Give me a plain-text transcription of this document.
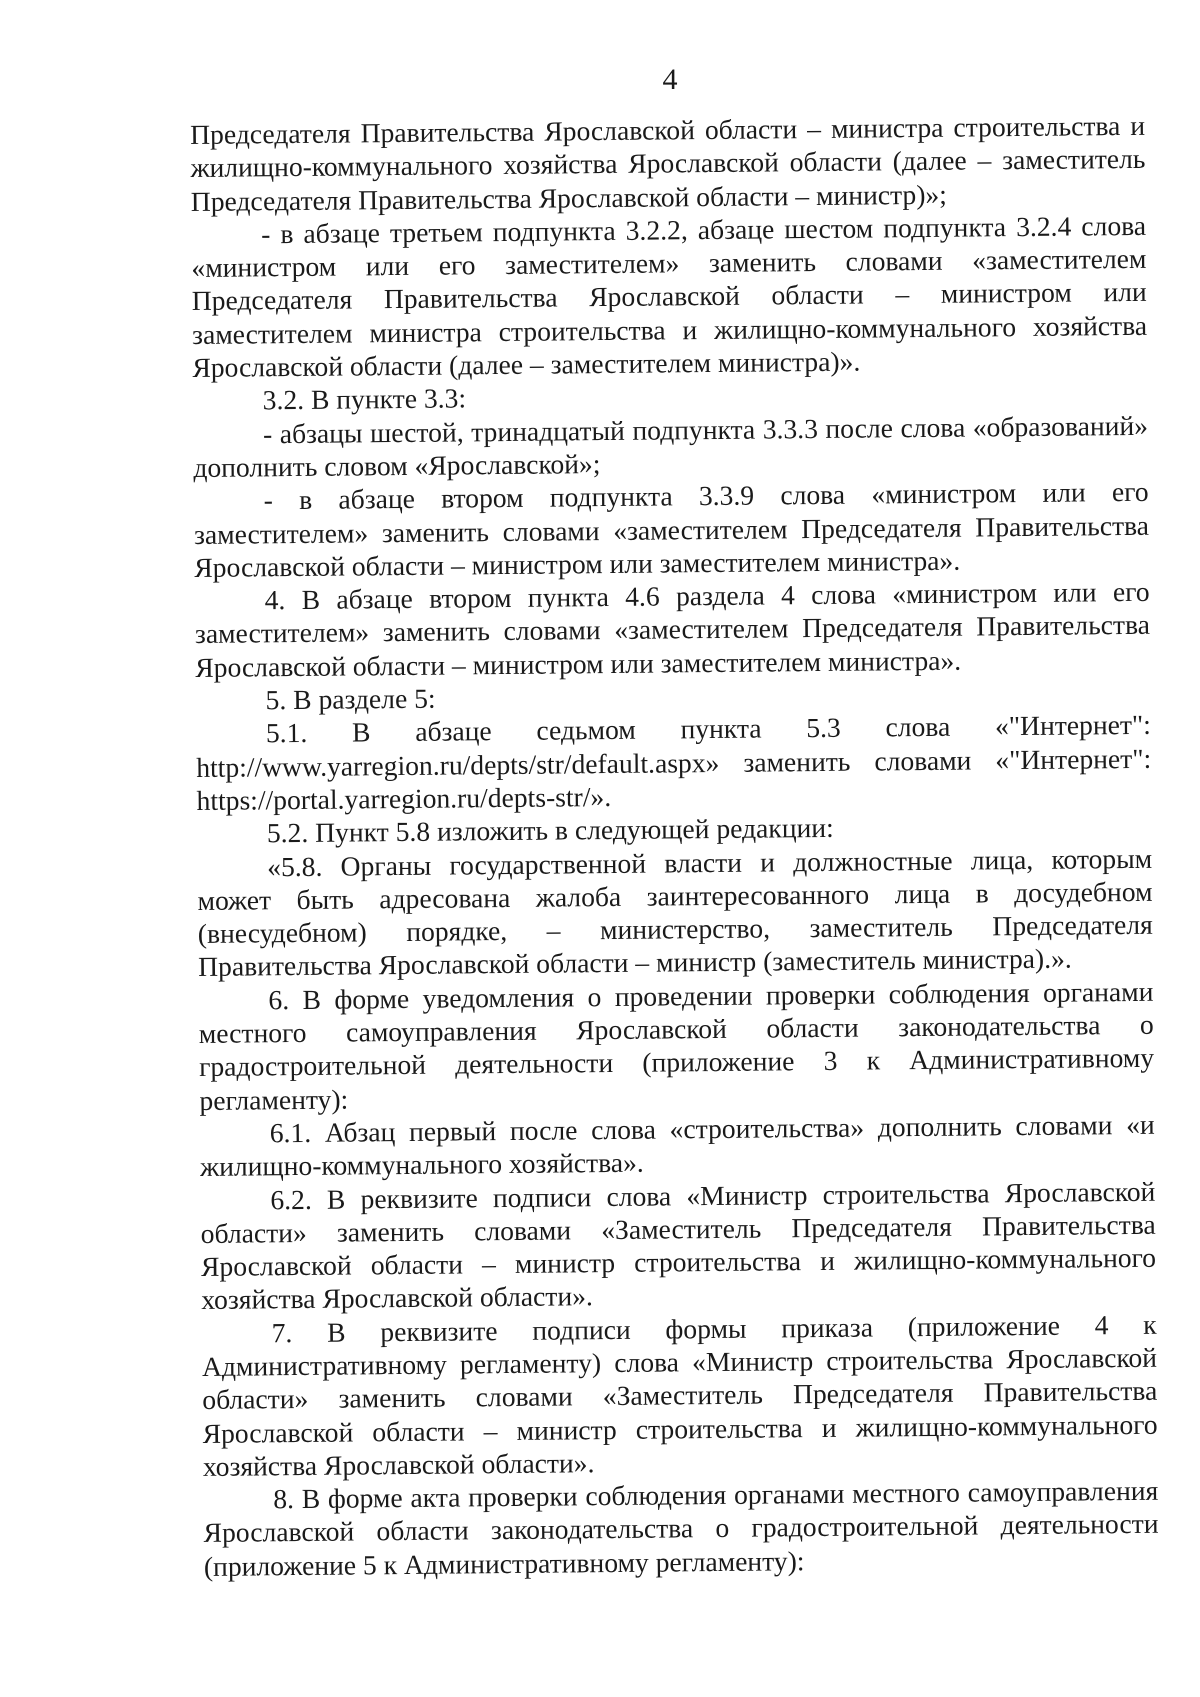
4

Председателя Правительства Ярославской области – министра строительства и жилищно-коммунального хозяйства Ярославской области (далее – заместитель Председателя Правительства Ярославской области – министр)»;

- в абзаце третьем подпункта 3.2.2, абзаце шестом подпункта 3.2.4 слова «министром или его заместителем» заменить словами «заместителем Председателя Правительства Ярославской области – министром или заместителем министра строительства и жилищно-коммунального хозяйства Ярославской области (далее – заместителем министра)».

3.2. В пункте 3.3:

- абзацы шестой, тринадцатый подпункта 3.3.3 после слова «образований» дополнить словом «Ярославской»;

- в абзаце втором подпункта 3.3.9 слова «министром или его заместителем» заменить словами «заместителем Председателя Правительства Ярославской области – министром или заместителем министра».

4. В абзаце втором пункта 4.6 раздела 4 слова «министром или его заместителем» заменить словами «заместителем Председателя Правительства Ярославской области – министром или заместителем министра».

5. В разделе 5:

5.1. В абзаце седьмом пункта 5.3 слова «"Интернет": http://www.yarregion.ru/depts/str/default.aspx» заменить словами «"Интернет": https://portal.yarregion.ru/depts-str/».

5.2. Пункт 5.8 изложить в следующей редакции:

«5.8. Органы государственной власти и должностные лица, которым может быть адресована жалоба заинтересованного лица в досудебном (внесудебном) порядке, – министерство, заместитель Председателя Правительства Ярославской области – министр (заместитель министра).».

6. В форме уведомления о проведении проверки соблюдения органами местного самоуправления Ярославской области законодательства о градостроительной деятельности (приложение 3 к Административному регламенту):

6.1. Абзац первый после слова «строительства» дополнить словами «и жилищно-коммунального хозяйства».

6.2. В реквизите подписи слова «Министр строительства Ярославской области» заменить словами «Заместитель Председателя Правительства Ярославской области – министр строительства и жилищно-коммунального хозяйства Ярославской области».

7. В реквизите подписи формы приказа (приложение 4 к Административному регламенту) слова «Министр строительства Ярославской области» заменить словами «Заместитель Председателя Правительства Ярославской области – министр строительства и жилищно-коммунального хозяйства Ярославской области».

8. В форме акта проверки соблюдения органами местного самоуправления Ярославской области законодательства о градостроительной деятельности (приложение 5 к Административному регламенту):
